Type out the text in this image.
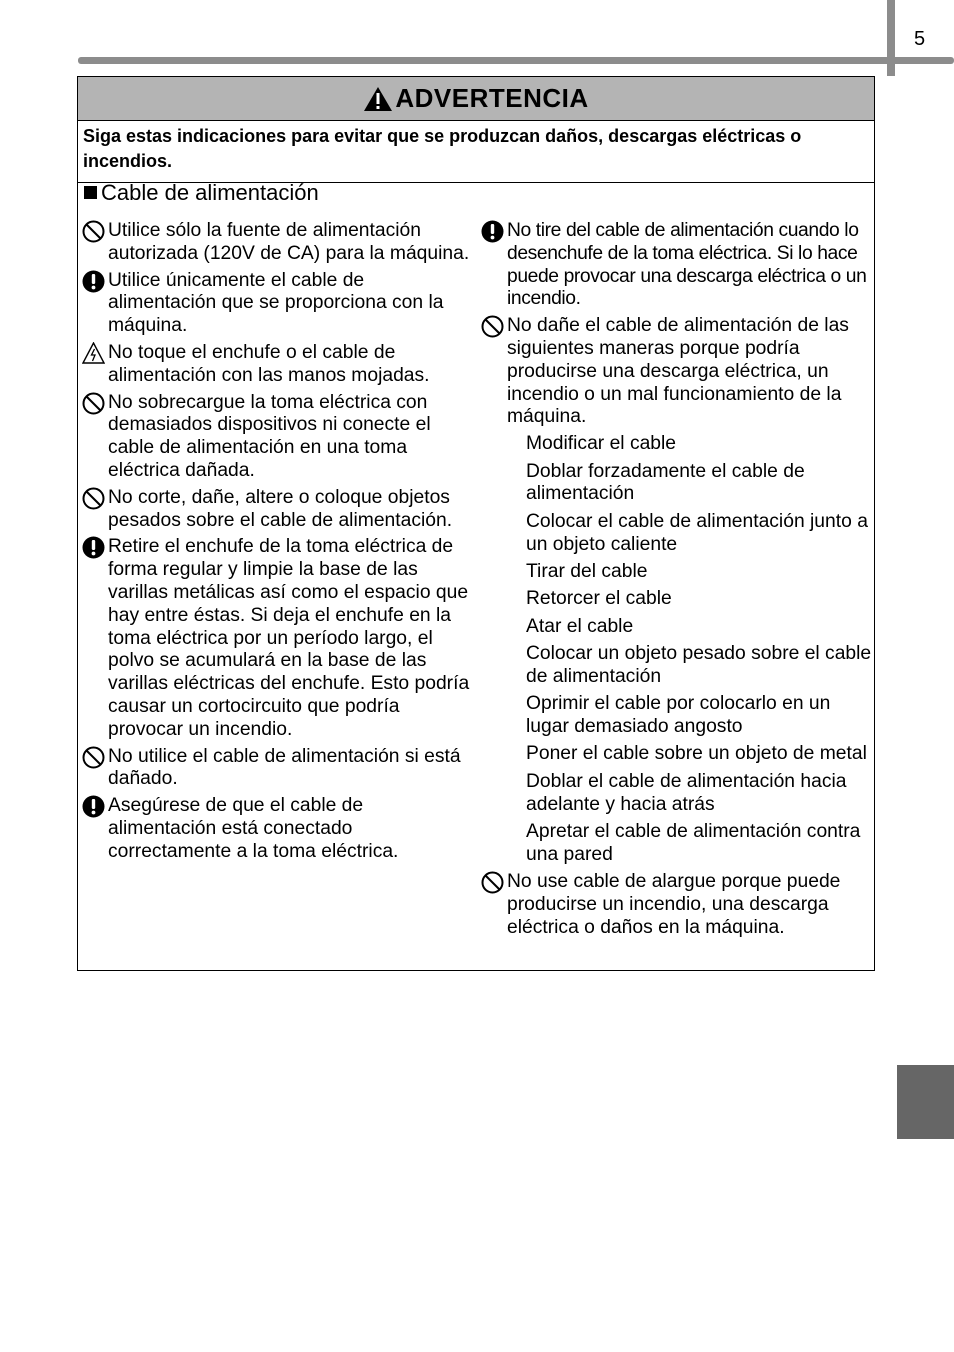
5
ADVERTENCIA
Siga estas indicaciones para evitar que se produzcan daños, descargas eléctricas o incendios.
Cable de alimentación
Utilice sólo la fuente de alimentación autorizada (120V de CA) para la máquina.
Utilice únicamente el cable de alimentación que se proporciona con la máquina.
No toque el enchufe o el cable de alimentación con las manos mojadas.
No sobrecargue la toma eléctrica con demasiados dispositivos ni conecte el cable de alimentación en una toma eléctrica dañada.
No corte, dañe, altere o coloque objetos pesados sobre el cable de alimentación.
Retire el enchufe de la toma eléctrica de forma regular y limpie la base de las varillas metálicas así como el espacio que hay entre éstas. Si deja el enchufe en la toma eléctrica por un período largo, el polvo se acumulará en la base de las varillas eléctricas del enchufe. Esto podría causar un cortocircuito que podría provocar un incendio.
No utilice el cable de alimentación si está dañado.
Asegúrese de que el cable de alimentación está conectado correctamente a la toma eléctrica.
No tire del cable de alimentación cuando lo desenchufe de la toma eléctrica. Si lo hace puede provocar una descarga eléctrica o un incendio.
No dañe el cable de alimentación de las siguientes maneras porque podría producirse una descarga eléctrica, un incendio o un mal funcionamiento de la máquina.
Modificar el cable
Doblar forzadamente el cable de alimentación
Colocar el cable de alimentación junto a un objeto caliente
Tirar del cable
Retorcer el cable
Atar el cable
Colocar un objeto pesado sobre el cable de alimentación
Oprimir el cable por colocarlo en un lugar demasiado angosto
Poner el cable sobre un objeto de metal
Doblar el cable de alimentación hacia adelante y hacia atrás
Apretar el cable de alimentación contra una pared
No use cable de alargue porque puede producirse un incendio, una descarga eléctrica o daños en la máquina.
